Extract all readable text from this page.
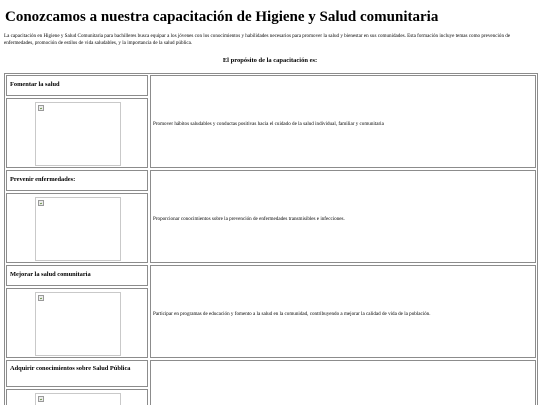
Conozcamos a nuestra capacitación de Higiene y Salud comunitaria

La capacitación en Higiene y Salud Comunitaria para bachilleres busca equipar a los jóvenes con los conocimientos y habilidades necesarios para promover la salud y bienestar en sus comunidades. Esta formación incluye temas como prevención de enfermedades, promoción de estilos de vida saludables, y la importancia de la salud pública.

El propósito de la capacitación es:

Fomentar la salud

Promover hábitos saludables y conductas positivas hacia el cuidado de la salud individual, familiar y comunitaria

Prevenir enfermedades:

Proporcionar conocimientos sobre la prevención de enfermedades transmisibles e infecciones.

Mejorar la salud comunitaria

Participar en programas de educación y fomento a la salud en la comunidad, contribuyendo a mejorar la calidad de vida de la población.

Adquirir conocimientos sobre Salud Pública
